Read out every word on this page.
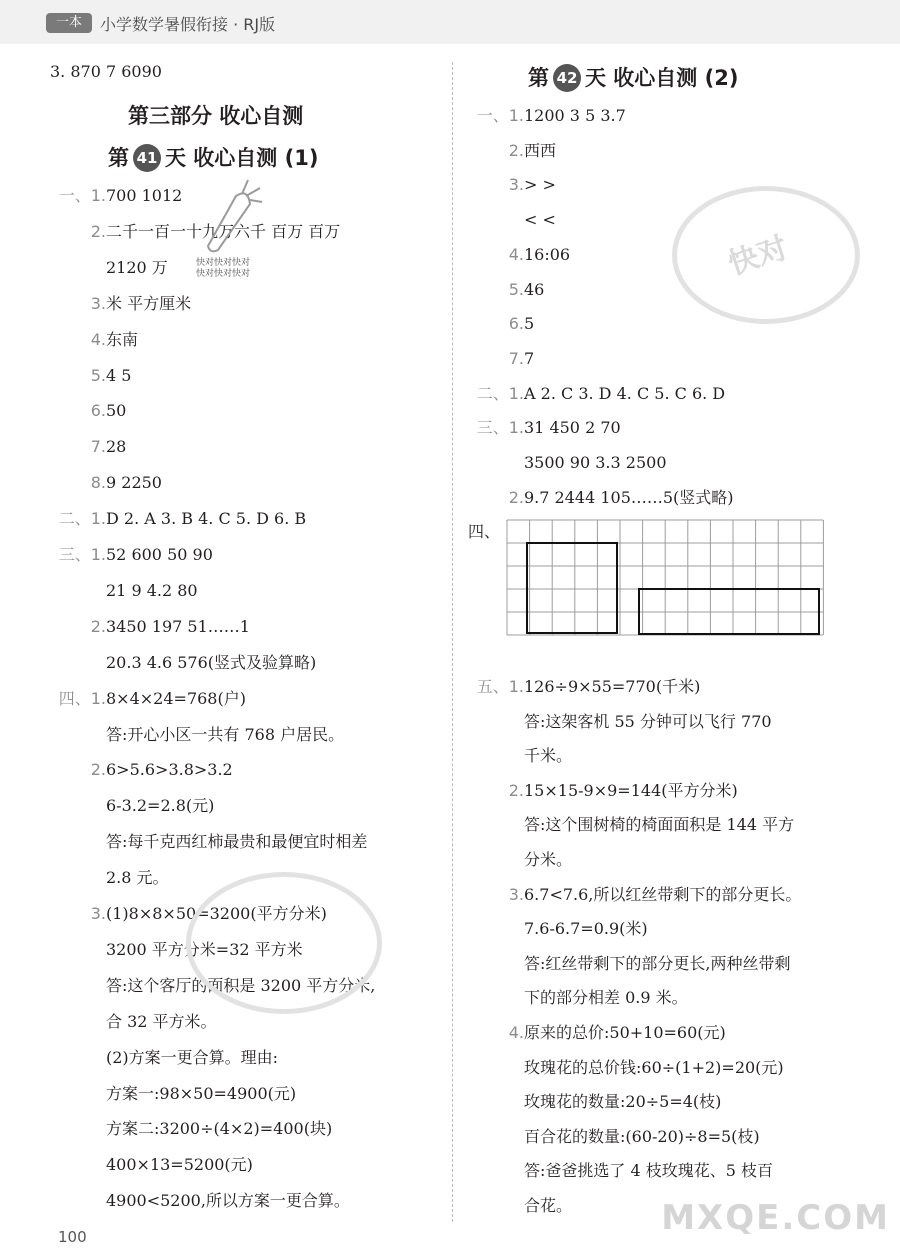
一本	小学数学暑假衔接 · RJ版
3. 870 7 6090
第三部分 收心自测
第 41 天 收心自测 (1)
一、1.700 1012
2.二千一百一十九万六千 百万 百万
2120 万
3.米 平方厘米
4.东南
5.4 5
6.50
7.28
8.9 2250
二、1.D 2. A 3. B 4. C 5. D 6. B
三、1.52 600 50 90
21 9 4.2 80
2.3450 197 51……1
20.3 4.6 576(竖式及验算略)
四、1.8×4×24=768(户)
答:开心小区一共有 768 户居民。
2.6>5.6>3.8>3.2
6-3.2=2.8(元)
答:每千克西红柿最贵和最便宜时相差
2.8 元。
3.(1)8×8×50=3200(平方分米)
3200 平方分米=32 平方米
答:这个客厅的面积是 3200 平方分米,
合 32 平方米。
(2)方案一更合算。理由:
方案一:98×50=4900(元)
方案二:3200÷(4×2)=400(块)
400×13=5200(元)
4900<5200,所以方案一更合算。
快对快对快对
快对快对快对
第 42 天 收心自测 (2)
一、1.1200 3 5 3.7
2.西西
3.> >
< <
4.16:06
5.46
6.5
7.7
二、1.A 2. C 3. D 4. C 5. C 6. D
三、1.31 450 2 70
3500 90 3.3 2500
2.9.7 2444 105……5(竖式略)
四、
五、1.126÷9×55=770(千米)
答:这架客机 55 分钟可以飞行 770
千米。
2.15×15-9×9=144(平方分米)
答:这个围树椅的椅面面积是 144 平方
分米。
3.6.7<7.6,所以红丝带剩下的部分更长。
7.6-6.7=0.9(米)
答:红丝带剩下的部分更长,两种丝带剩
下的部分相差 0.9 米。
4.原来的总价:50+10=60(元)
玫瑰花的总价钱:60÷(1+2)=20(元)
玫瑰花的数量:20÷5=4(枝)
百合花的数量:(60-20)÷8=5(枝)
答:爸爸挑选了 4 枝玫瑰花、5 枝百
合花。
快对
100	MXQE.COM
